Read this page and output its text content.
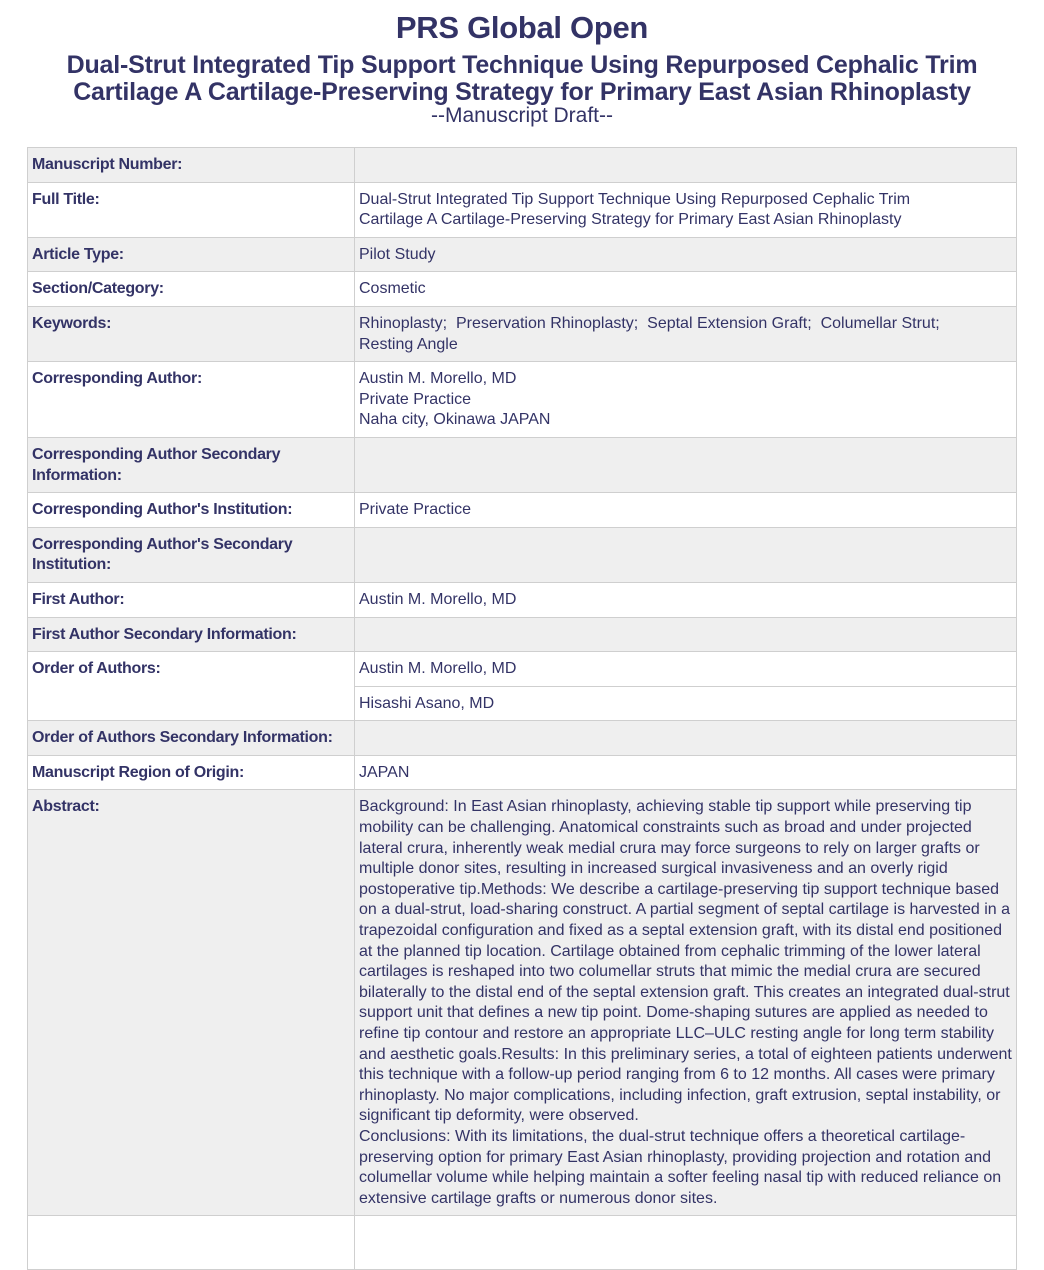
PRS Global Open
Dual-Strut Integrated Tip Support Technique Using Repurposed Cephalic Trim
Cartilage A Cartilage-Preserving Strategy for Primary East Asian Rhinoplasty
--Manuscript Draft--
Manuscript Number:	
Full Title:	Dual-Strut Integrated Tip Support Technique Using Repurposed Cephalic Trim
Cartilage A Cartilage-Preserving Strategy for Primary East Asian Rhinoplasty

Article Type:	Pilot Study
Section/Category:	Cosmetic
Keywords:	Rhinoplasty;  Preservation Rhinoplasty;  Septal Extension Graft;  Columellar Strut;
Resting Angle

Corresponding Author:	Austin M. Morello, MD
Private Practice
Naha city, Okinawa JAPAN

Corresponding Author Secondary Information:	
Corresponding Author's Institution:	Private Practice
Corresponding Author's Secondary Institution:	
First Author:	Austin M. Morello, MD
First Author Secondary Information:	
Order of Authors:	Austin M. Morello, MD
	Hisashi Asano, MD
Order of Authors Secondary Information:	
Manuscript Region of Origin:	JAPAN
Abstract:	Background: In East Asian rhinoplasty, achieving stable tip support while preserving tip mobility can be challenging. Anatomical constraints such as broad and under projected lateral crura, inherently weak medial crura may force surgeons to rely on larger grafts or multiple donor sites, resulting in increased surgical invasiveness and an overly rigid postoperative tip.Methods: We describe a cartilage-preserving tip support technique based on a dual-strut, load-sharing construct. A partial segment of septal cartilage is harvested in a trapezoidal configuration and fixed as a septal extension graft, with its distal end positioned at the planned tip location. Cartilage obtained from cephalic trimming of the lower lateral cartilages is reshaped into two columellar struts that mimic the medial crura are secured bilaterally to the distal end of the septal extension graft. This creates an integrated dual-strut support unit that defines a new tip point. Dome-shaping sutures are applied as needed to refine tip contour and restore an appropriate LLC–ULC resting angle for long term stability and aesthetic goals.Results: In this preliminary series, a total of eighteen patients underwent this technique with a follow-up period ranging from 6 to 12 months. All cases were primary rhinoplasty. No major complications, including infection, graft extrusion, septal instability, or significant tip deformity, were observed.
Conclusions: With its limitations, the dual-strut technique offers a theoretical cartilage-preserving option for primary East Asian rhinoplasty, providing projection and rotation and columellar volume while helping maintain a softer feeling nasal tip with reduced reliance on extensive cartilage grafts or numerous donor sites.
